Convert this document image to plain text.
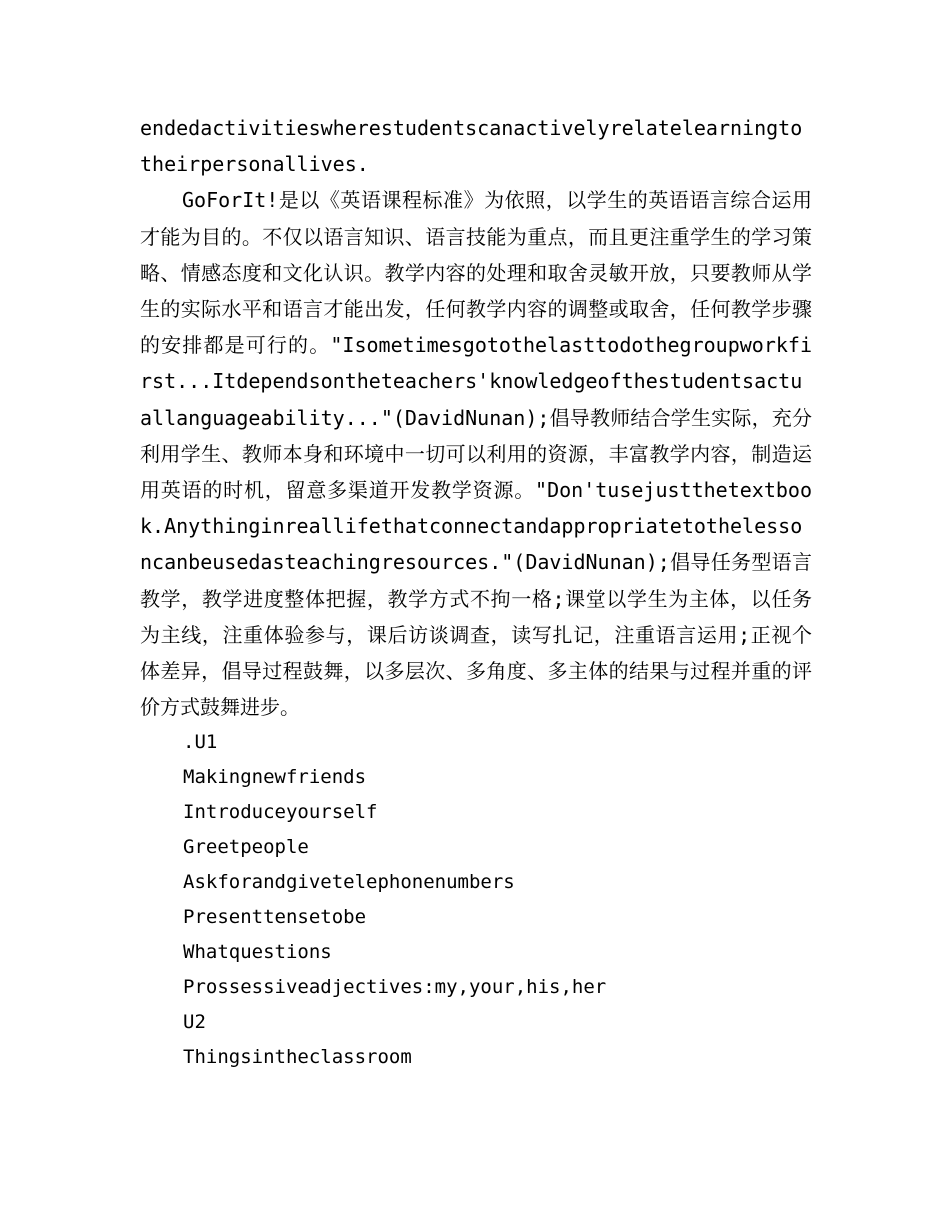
endedactivitieswherestudentscanactivelyrelatelearningtotheirpersonallives.

GoForIt!是以《英语课程标准》为依照，以学生的英语语言综合运用才能为目的。不仅以语言知识、语言技能为重点，而且更注重学生的学习策略、情感态度和文化认识。教学内容的处理和取舍灵敏开放，只要教师从学生的实际水平和语言才能出发，任何教学内容的调整或取舍，任何教学步骤的安排都是可行的。"Isometimesgotothelasttodothegroupworkfirst...Itdependsontheteachers'knowledgeofthestudentsactuallanguageability..."(DavidNunan);倡导教师结合学生实际，充分利用学生、教师本身和环境中一切可以利用的资源，丰富教学内容，制造运用英语的时机，留意多渠道开发教学资源。"Don'tusejustthetextbook.Anythinginreallifethatconnectandappropriatetothelessoncanbeusedasteachingresources."(DavidNunan);倡导任务型语言教学，教学进度整体把握，教学方式不拘一格;课堂以学生为主体，以任务为主线，注重体验参与，课后访谈调查，读写扎记，注重语言运用;正视个体差异，倡导过程鼓舞，以多层次、多角度、多主体的结果与过程并重的评价方式鼓舞进步。

.U1
Makingnewfriends
Introduceyourself
Greetpeople
Askforandgivetelephonenumbers
Presenttensetobe
Whatquestions
Prossessiveadjectives:my,your,his,her
U2
Thingsintheclassroom
